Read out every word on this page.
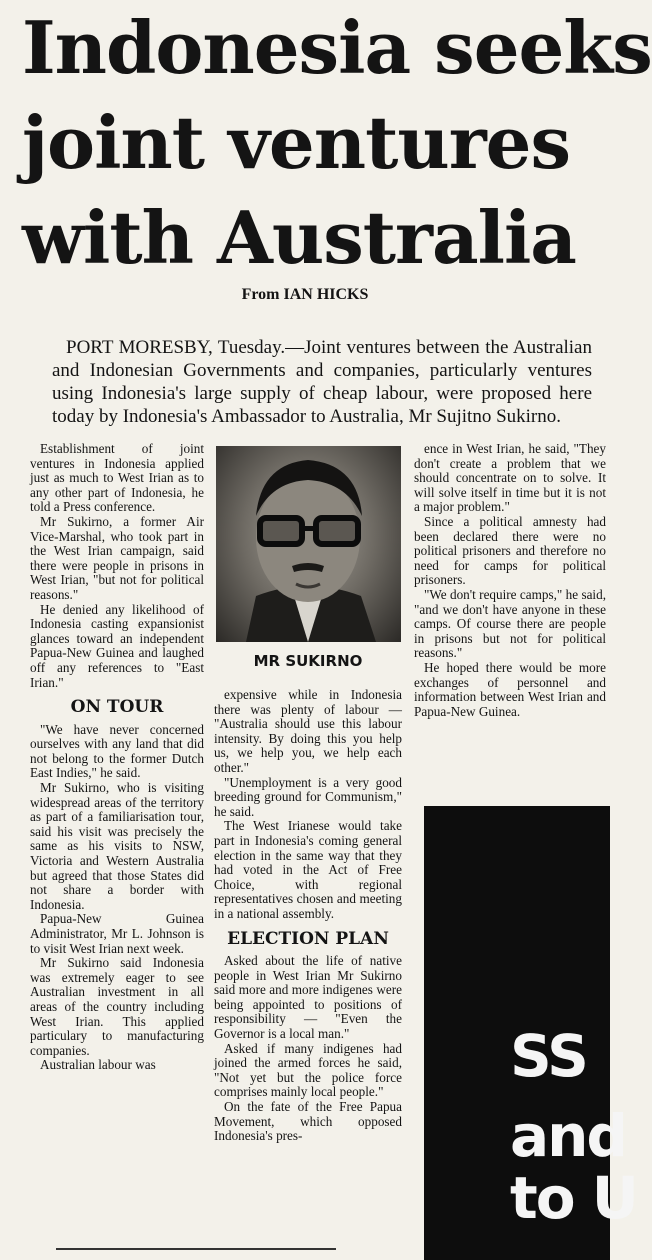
Indonesia seeks
joint ventures
with Australia
From IAN HICKS

PORT MORESBY, Tuesday.—Joint ventures between the Australian and Indonesian Governments and companies, particularly ventures using Indonesia's large supply of cheap labour, were proposed here today by Indonesia's Ambassador to Australia, Mr Sujitno Sukirno.

Establishment of joint ventures in Indonesia applied just as much to West Irian as to any other part of Indonesia, he told a Press conference.

Mr Sukirno, a former Air Vice-Marshal, who took part in the West Irian campaign, said there were people in prisons in West Irian, "but not for political reasons."

He denied any likelihood of Indonesia casting expansionist glances toward an independent Papua-New Guinea and laughed off any references to "East Irian."

ON TOUR

"We have never concerned ourselves with any land that did not belong to the former Dutch East Indies," he said.

Mr Sukirno, who is visiting widespread areas of the territory as part of a familiarisation tour, said his visit was precisely the same as his visits to NSW, Victoria and Western Australia but agreed that those States did not share a border with Indonesia.

Papua-New Guinea Administrator, Mr L. Johnson is to visit West Irian next week.

Mr Sukirno said Indonesia was extremely eager to see Australian investment in all areas of the country including West Irian. This applied particulary to manufacturing companies.

Australian labour was

MR SUKIRNO

expensive while in Indonesia there was plenty of labour — "Australia should use this labour intensity. By doing this you help us, we help you, we help each other."

"Unemployment is a very good breeding ground for Communism," he said.

The West Irianese would take part in Indonesia's coming general election in the same way that they had voted in the Act of Free Choice, with regional representatives chosen and meeting in a national assembly.

ELECTION PLAN

Asked about the life of native people in West Irian Mr Sukirno said more and more indigenes were being appointed to positions of responsibility — "Even the Governor is a local man."

Asked if many indigenes had joined the armed forces he said, "Not yet but the police force comprises mainly local people."

On the fate of the Free Papua Movement, which opposed Indonesia's pres-

ence in West Irian, he said, "They don't create a problem that we should concentrate on to solve. It will solve itself in time but it is not a major problem."

Since a political amnesty had been declared there were no political prisoners and therefore no need for camps for political prisoners.

"We don't require camps," he said, "and we don't have anyone in these camps. Of course there are people in prisons but not for political reasons."

He hoped there would be more exchanges of personnel and information between West Irian and Papua-New Guinea.

SS
and
to U
